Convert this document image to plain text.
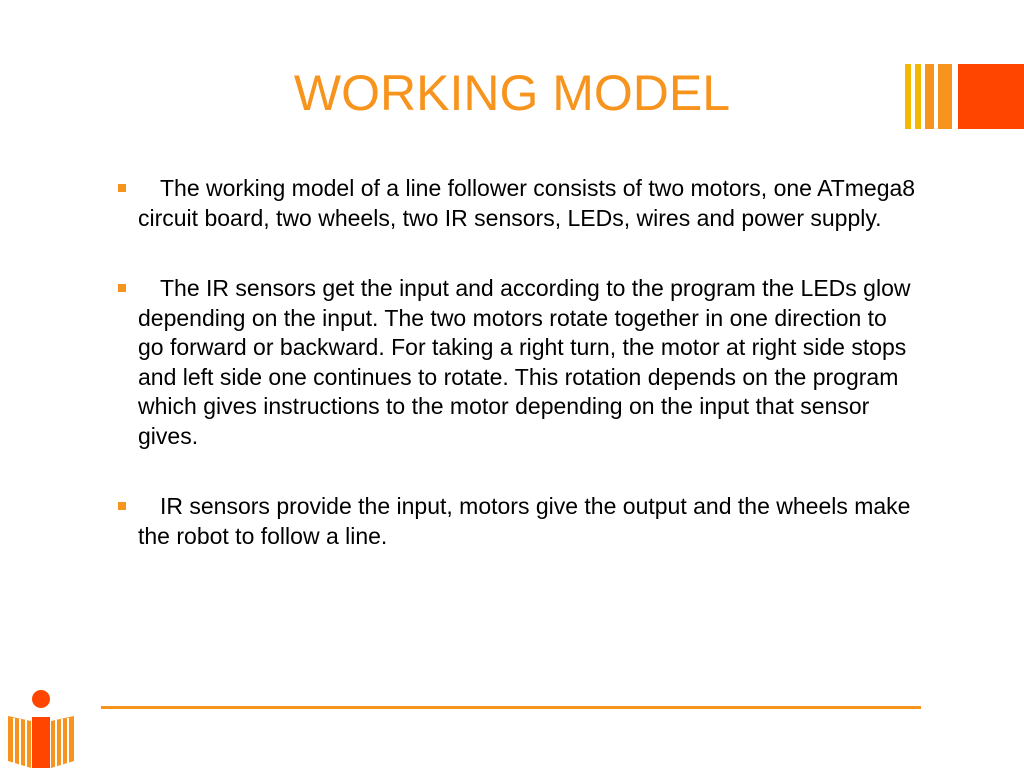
WORKING MODEL
The working model of a line follower consists of two motors, one ATmega8 circuit board, two wheels, two IR sensors, LEDs, wires and power supply.
The IR sensors get the input and according to the program the LEDs glow depending on the input. The two motors rotate together in one direction to go forward or backward. For taking a right turn, the motor at right side stops and left side one continues to rotate. This rotation depends on the program which gives instructions to the motor depending on the input that sensor gives.
IR sensors provide the input, motors give the output and the wheels make the robot to follow a line.
